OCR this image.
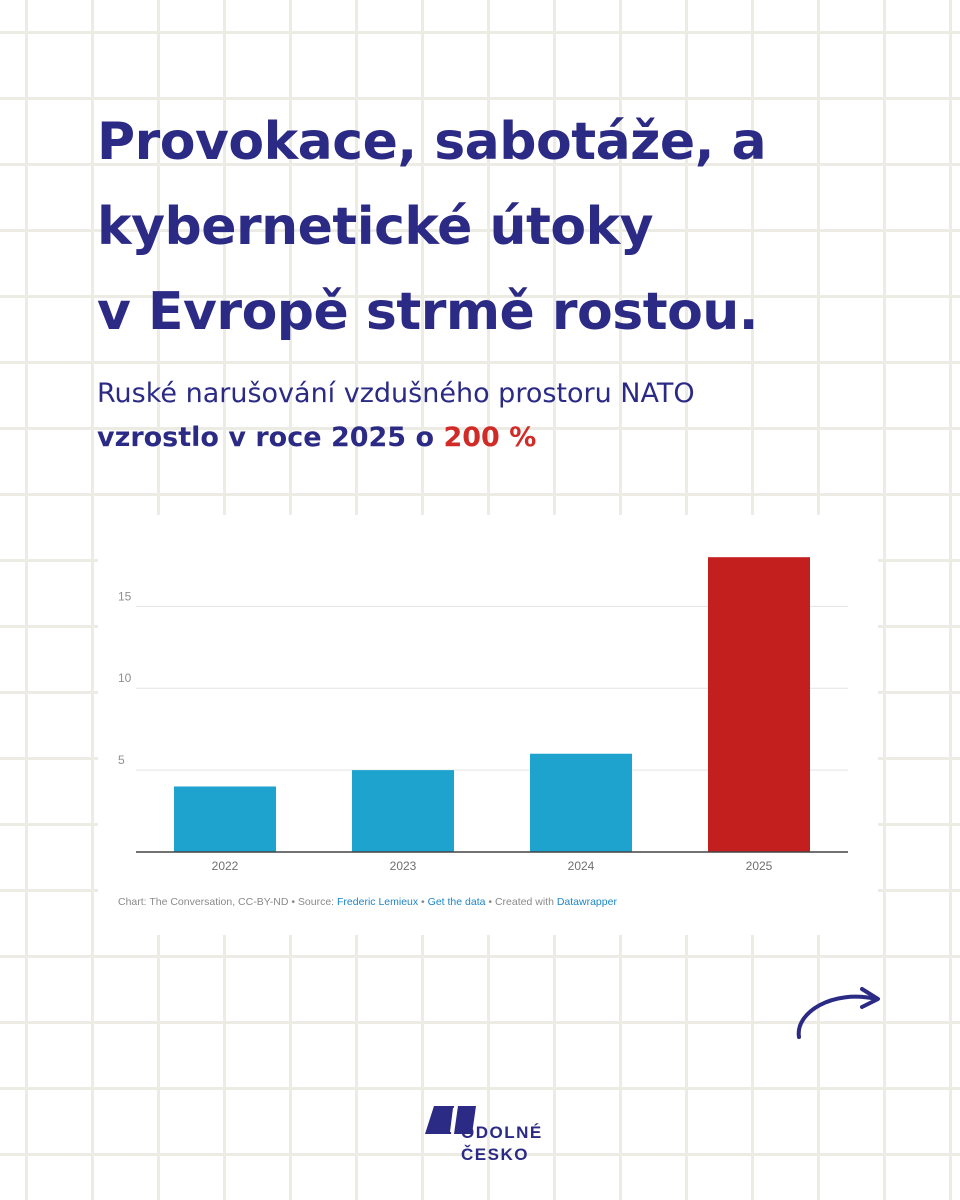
Provokace, sabotáže, a
kybernetické útoky
v Evropě strmě rostou.

Ruské narušování vzdušného prostoru NATO
vzrostlo v roce 2025 o 200 %

5
10
15
2022	2023	2024	2025

Chart: The Conversation, CC-BY-ND • Source: Frederic Lemieux • Get the data • Created with Datawrapper

ODOLNÉ
ČESKO
